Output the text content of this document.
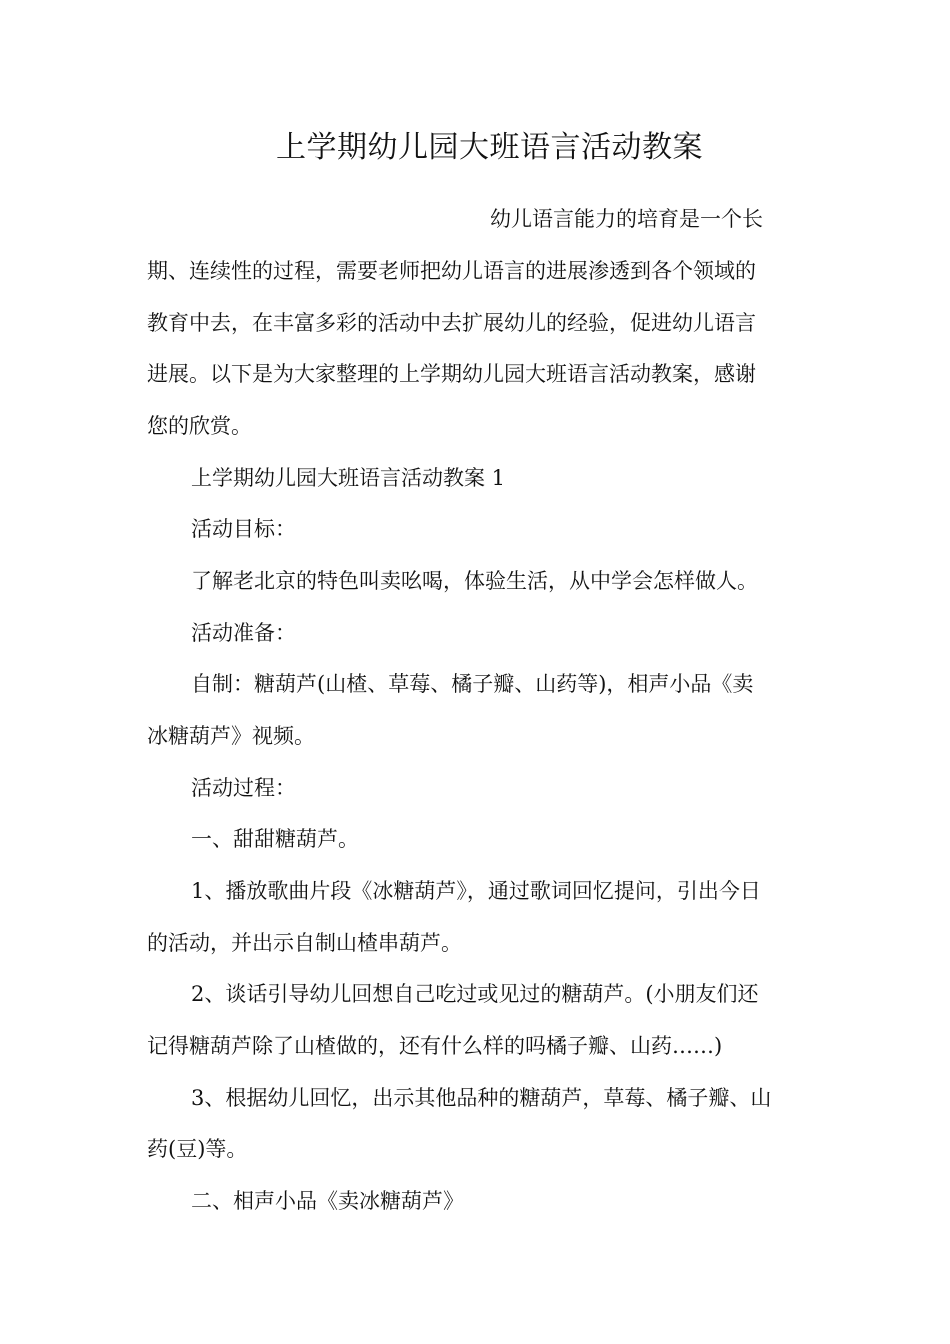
上学期幼儿园大班语言活动教案

幼儿语言能力的培育是一个长

期、连续性的过程，需要老师把幼儿语言的进展渗透到各个领域的

教育中去，在丰富多彩的活动中去扩展幼儿的经验，促进幼儿语言

进展。以下是为大家整理的上学期幼儿园大班语言活动教案，感谢

您的欣赏。

上学期幼儿园大班语言活动教案 1

活动目标：

了解老北京的特色叫卖吆喝，体验生活，从中学会怎样做人。

活动准备：

自制：糖葫芦(山楂、草莓、橘子瓣、山药等)，相声小品《卖

冰糖葫芦》视频。

活动过程：

一、甜甜糖葫芦。

1、播放歌曲片段《冰糖葫芦》，通过歌词回忆提问，引出今日

的活动，并出示自制山楂串葫芦。

2、谈话引导幼儿回想自己吃过或见过的糖葫芦。(小朋友们还

记得糖葫芦除了山楂做的，还有什么样的吗橘子瓣、山药……)

3、根据幼儿回忆，出示其他品种的糖葫芦，草莓、橘子瓣、山

药(豆)等。

二、相声小品《卖冰糖葫芦》
